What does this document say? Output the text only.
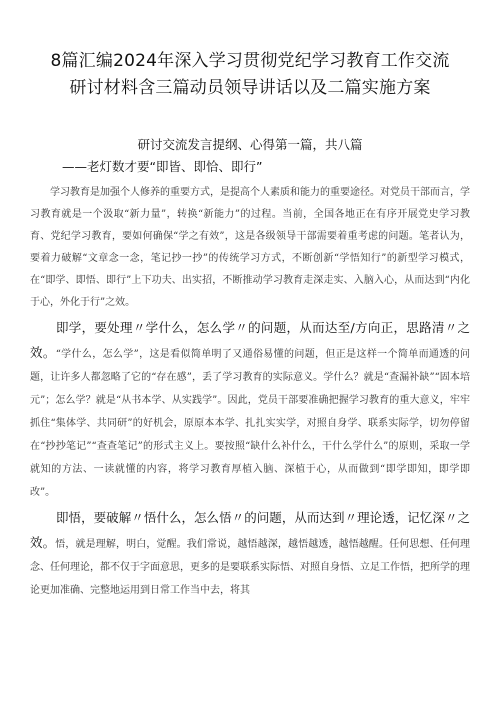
8篇汇编2024年深入学习贯彻党纪学习教育工作交流
研讨材料含三篇动员领导讲话以及二篇实施方案
研讨交流发言提纲、心得第一篇，共八篇
——老灯数才要“即皆、即恰、即行”

学习教育是加强个人修养的重要方式，是提高个人素质和能力的重要途径。对党员干部而言，学习教育就是一个汲取“新力量”，转换“新能力”的过程。当前，全国各地正在有序开展党史学习教育、党纪学习教育，要如何确保“学之有效”，这是各级领导干部需要着重考虑的问题。笔者认为，要着力破解“文章念一念，笔记抄一抄”的传统学习方式，不断创新“学悟知行”的新型学习模式，在“即学、即悟、即行”上下功夫、出实招，不断推动学习教育走深走实、入脑入心，从而达到“内化于心，外化于行”之效。

即学，要处理〃学什么，怎么学〃的问题，从而达至/方向正，思路清〃之效。“学什么，怎么学”，这是看似简单明了又通俗易懂的问题，但正是这样一个简单而通透的问题，让许多人都忽略了它的“存在感”，丢了学习教育的实际意义。学什么？就是“查漏补缺”“固本培元”；怎么学？就是“从书本学、从实践学”。因此，党员干部要准确把握学习教育的重大意义，牢牢抓住“集体学、共同研”的好机会，原原本本学、扎扎实实学，对照自身学、联系实际学，切勿停留在“抄抄笔记”“查查笔记”的形式主义上。要按照“缺什么补什么，干什么学什么”的原则，采取一学就知的方法、一读就懂的内容，将学习教育厚植入脑、深植于心，从而做到“即学即知，即学即改”。

即悟，要破解〃悟什么，怎么悟〃的问题，从而达到〃理论透，记忆深〃之效。悟，就是理解，明白，觉醒。我们常说，越悟越深，越悟越透，越悟越醒。任何思想、任何理念、任何理论，都不仅于字面意思，更多的是要联系实际悟、对照自身悟、立足工作悟，把所学的理论更加准确、完整地运用到日常工作当中去，将其
